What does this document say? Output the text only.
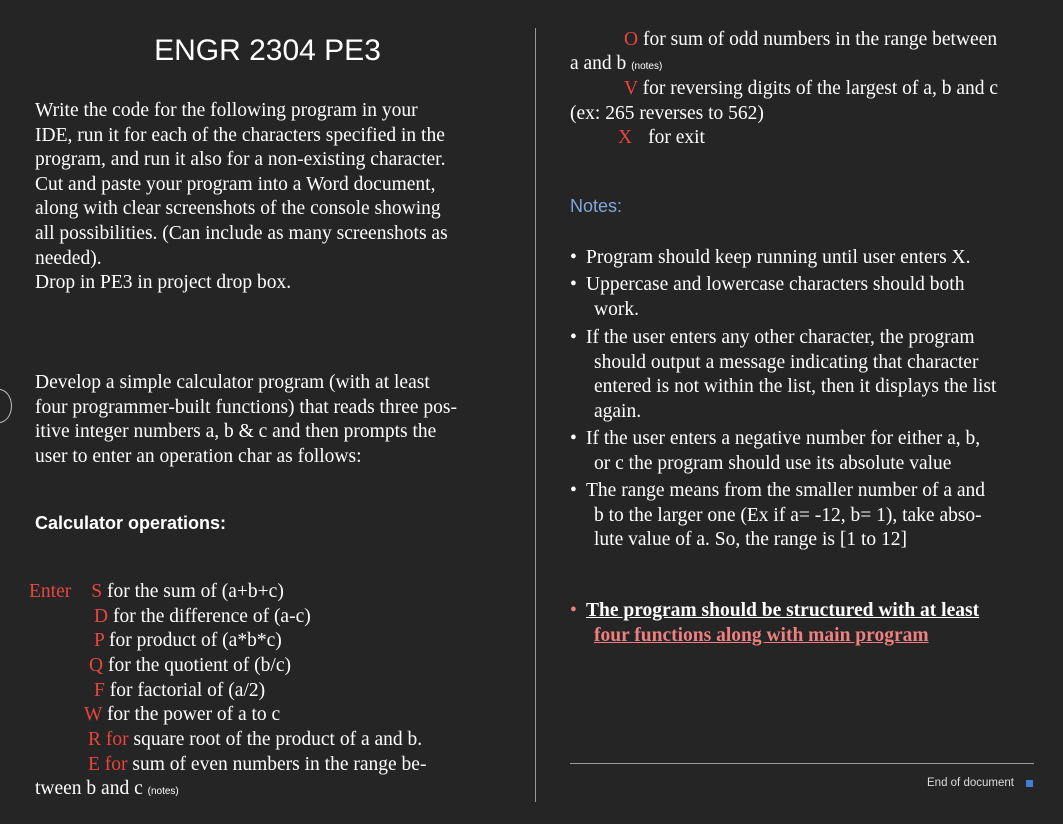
ENGR 2304 PE3
Write the code for the following program in your
IDE, run it for each of the characters specified in the
program, and run it also for a non-existing character.
Cut and paste your program into a Word document,
along with clear screenshots of the console showing
all possibilities. (Can include as many screenshots as
needed).
Drop in PE3 in project drop box.
Develop a simple calculator program (with at least
four programmer-built functions) that reads three pos-
itive integer numbers a, b & c and then prompts the
user to enter an operation char as follows:
Calculator operations:
Enter S for the sum of (a+b+c)
D for the difference of (a-c)
P for product of (a*b*c)
Q for the quotient of (b/c)
F for factorial of (a/2)
W for the power of a to c
R for square root of the product of a and b.
E for sum of even numbers in the range be-
tween b and c (notes)
O for sum of odd numbers in the range between
a and b (notes)
V for reversing digits of the largest of a, b and c
(ex: 265 reverses to 562)
X for exit
Notes:
• Program should keep running until user enters X.
• Uppercase and lowercase characters should both
work.
• If the user enters any other character, the program
should output a message indicating that character
entered is not within the list, then it displays the list
again.
• If the user enters a negative number for either a, b,
or c the program should use its absolute value
• The range means from the smaller number of a and
b to the larger one (Ex if a= -12, b= 1), take abso-
lute value of a. So, the range is [1 to 12]
• The program should be structured with at least
four functions along with main program
End of document
